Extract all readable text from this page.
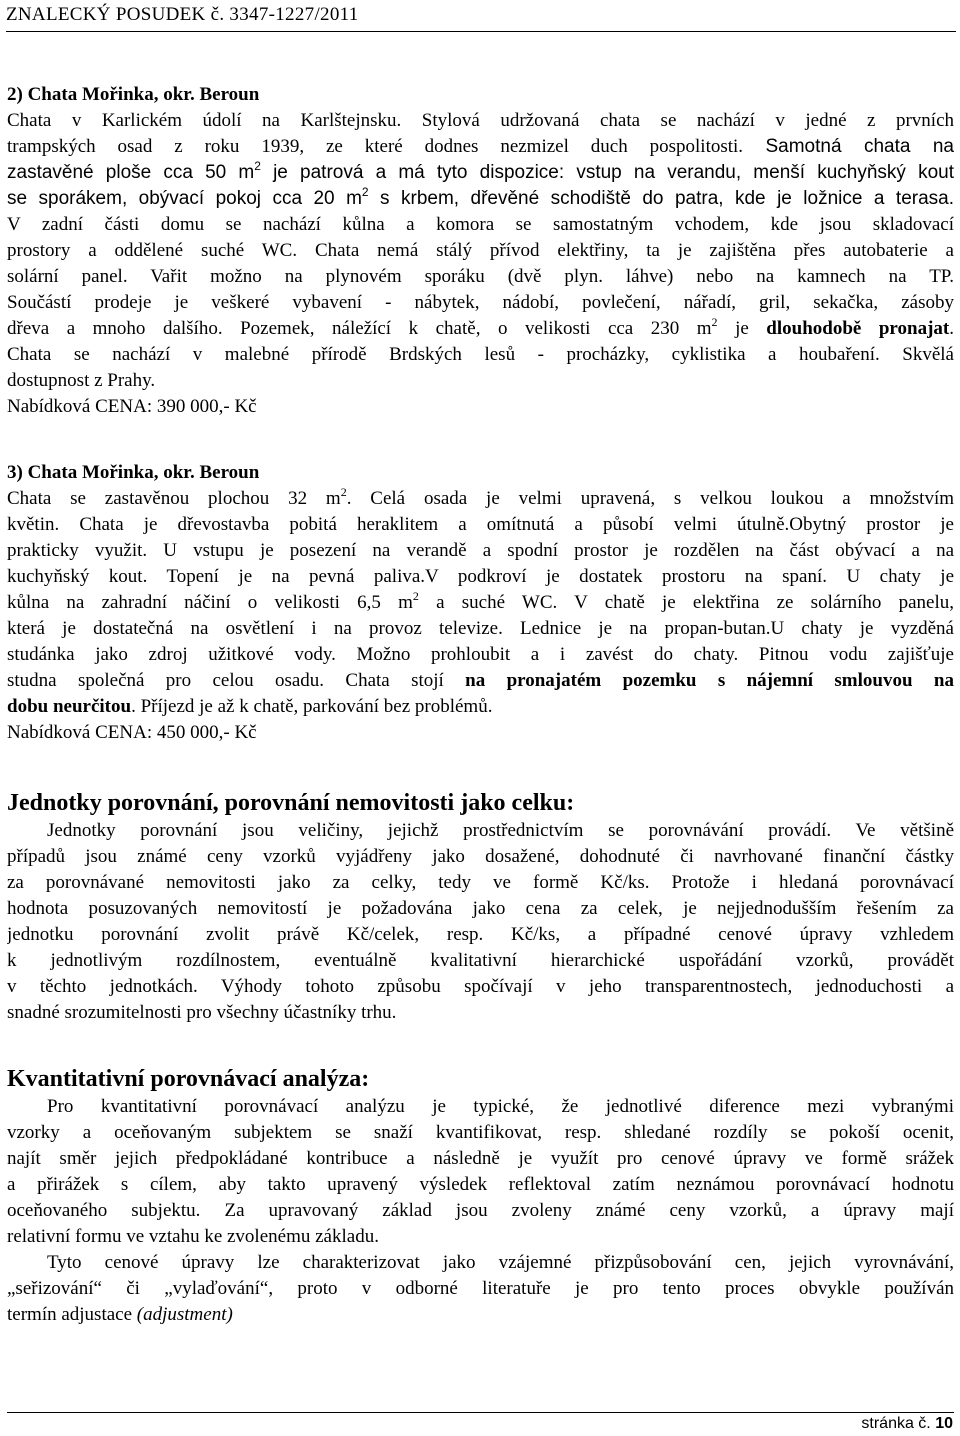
ZNALECKÝ POSUDEK č. 3347-1227/2011
2) Chata Mořinka, okr. Beroun
Chata v Karlickém údolí na Karlštejnsku. Stylová udržovaná chata se nachází v jedné z prvních
trampských osad z roku 1939, ze které dodnes nezmizel duch pospolitosti. Samotná chata na
zastavěné ploše cca 50 $m^2$ je patrová a má tyto dispozice: vstup na verandu, menší kuchyňský kout
se sporákem, obývací pokoj cca 20 $m^2$ s krbem, dřevěné schodiště do patra, kde je ložnice a terasa.
V zadní části domu se nachází kůlna a komora se samostatným vchodem, kde jsou skladovací
prostory a oddělené suché WC. Chata nemá stálý přívod elektřiny, ta je zajištěna přes autobaterie a
solární panel. Vařit možno na plynovém sporáku (dvě plyn. láhve) nebo na kamnech na TP.
Součástí prodeje je veškeré vybavení - nábytek, nádobí, povlečení, nářadí, gril, sekačka, zásoby
dřeva a mnoho dalšího. Pozemek, náležící k chatě, o velikosti cca 230 $m^2$ je dlouhodobě pronajat.
Chata se nachází v malebné přírodě Brdských lesů - procházky, cyklistika a houbaření. Skvělá
dostupnost z Prahy.
Nabídková CENA: 390 000,- Kč
3) Chata Mořinka, okr. Beroun
Chata se zastavěnou plochou 32 $m^2$. Celá osada je velmi upravená, s velkou loukou a množstvím
květin. Chata je dřevostavba pobitá heraklitem a omítnutá a působí velmi útulně.Obytný prostor je
prakticky využit. U vstupu je posezení na verandě a spodní prostor je rozdělen na část obývací a na
kuchyňský kout. Topení je na pevná paliva.V podkroví je dostatek prostoru na spaní. U chaty je
kůlna na zahradní náčiní o velikosti 6,5 $m^2$ a suché WC. V chatě je elektřina ze solárního panelu,
která je dostatečná na osvětlení i na provoz televize. Lednice je na propan-butan.U chaty je vyzděná
studánka jako zdroj užitkové vody. Možno prohloubit a i zavést do chaty. Pitnou vodu zajišťuje
studna společná pro celou osadu. Chata stojí na pronajatém pozemku s nájemní smlouvou na
dobu neurčitou. Příjezd je až k chatě, parkování bez problémů.
Nabídková CENA: 450 000,- Kč
Jednotky porovnání, porovnání nemovitosti jako celku:
Jednotky porovnání jsou veličiny, jejichž prostřednictvím se porovnávání provádí. Ve většině
případů jsou známé ceny vzorků vyjádřeny jako dosažené, dohodnuté či navrhované finanční částky
za porovnávané nemovitosti jako za celky, tedy ve formě Kč/ks. Protože i hledaná porovnávací
hodnota posuzovaných nemovitostí je požadována jako cena za celek, je nejjednodušším řešením za
jednotku porovnání zvolit právě Kč/celek, resp. Kč/ks, a případné cenové úpravy vzhledem
k jednotlivým rozdílnostem, eventuálně kvalitativní hierarchické uspořádání vzorků, provádět
v těchto jednotkách. Výhody tohoto způsobu spočívají v jeho transparentnostech, jednoduchosti a
snadné srozumitelnosti pro všechny účastníky trhu.
Kvantitativní porovnávací analýza:
Pro kvantitativní porovnávací analýzu je typické, že jednotlivé diference mezi vybranými
vzorky a oceňovaným subjektem se snaží kvantifikovat, resp. shledané rozdíly se pokoší ocenit,
najít směr jejich předpokládané kontribuce a následně je využít pro cenové úpravy ve formě srážek
a přirážek s cílem, aby takto upravený výsledek reflektoval zatím neznámou porovnávací hodnotu
oceňovaného subjektu. Za upravovaný základ jsou zvoleny známé ceny vzorků, a úpravy mají
relativní formu ve vztahu ke zvolenému základu.
Tyto cenové úpravy lze charakterizovat jako vzájemné přizpůsobování cen, jejich vyrovnávání,
„seřizování“ či „vylaďování“, proto v odborné literatuře je pro tento proces obvykle používán
termín adjustace (adjustment)
stránka č. 10
